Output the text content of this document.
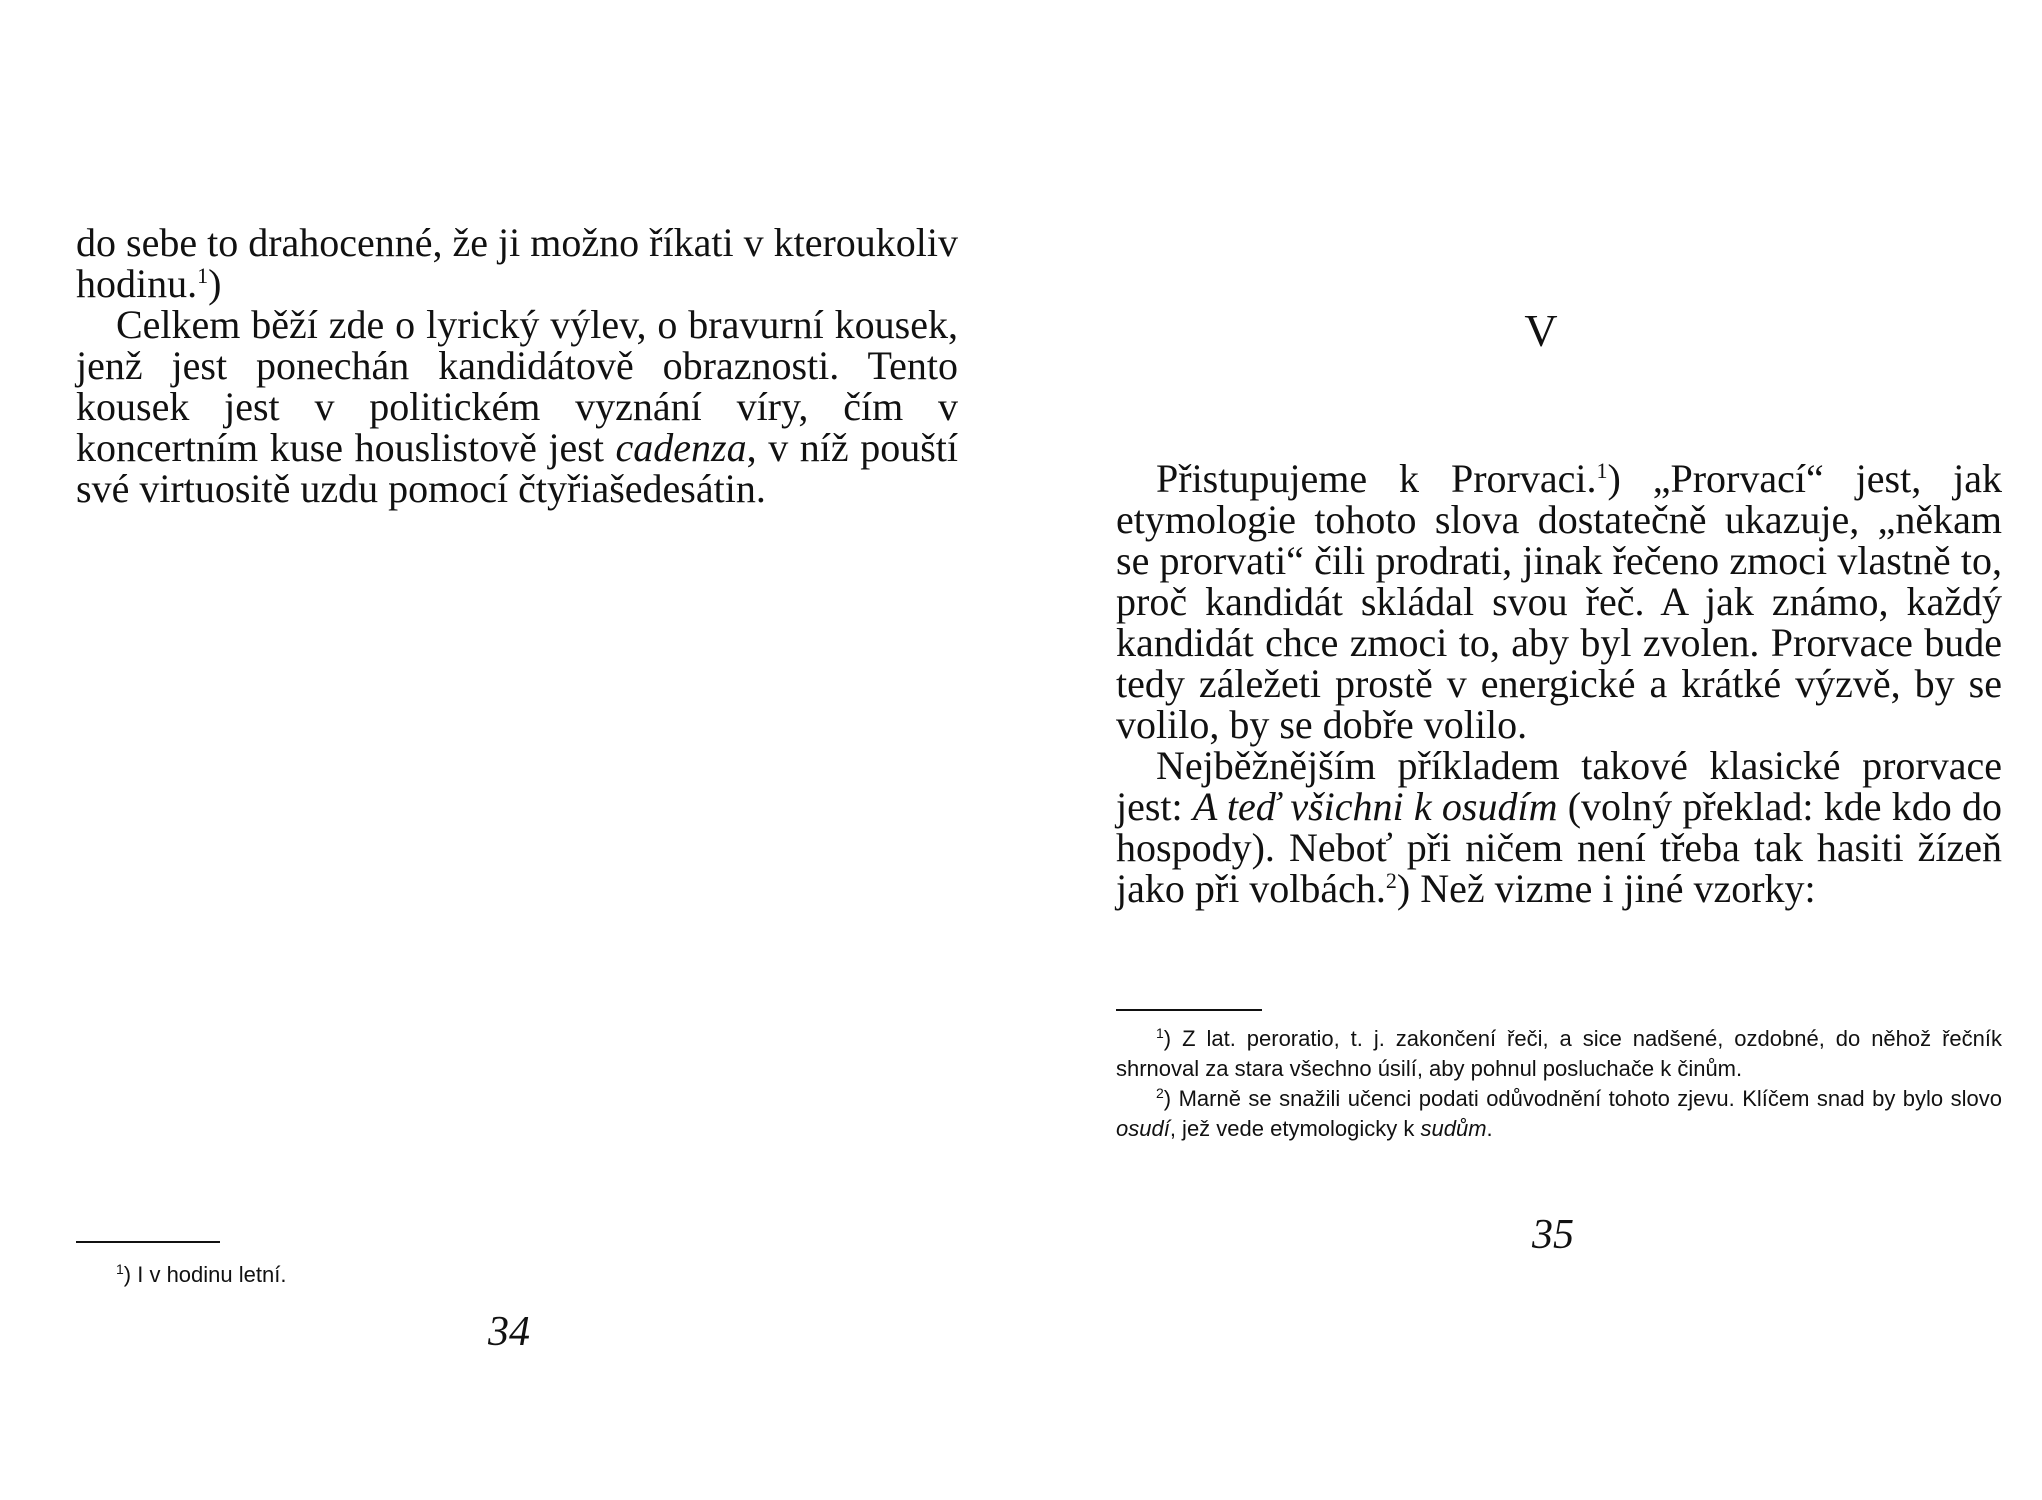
do sebe to drahocenné, že ji možno říkati v kteroukoliv hodinu.$^1$)

Celkem běží zde o lyrický výlev, o bravurní kousek, jenž jest ponechán kandidátově obraznosti. Tento kousek jest v politickém vyznání víry, čím v koncertním kuse houslistově jest cadenza, v níž pouští své virtuositě uzdu pomocí čtyřiašedesátin.

$^1$) I v hodinu letní.

34
V

Přistupujeme k Prorvaci.$^1$) „Prorvací“ jest, jak etymologie tohoto slova dostatečně ukazuje, „někam se prorvati“ čili prodrati, jinak řečeno zmoci vlastně to, proč kandidát skládal svou řeč. A jak známo, každý kandidát chce zmoci to, aby byl zvolen. Prorvace bude tedy záležeti prostě v energické a krátké výzvě, by se volilo, by se dobře volilo.

Nejběžnějším příkladem takové klasické prorvace jest: A teď všichni k osudím (volný překlad: kde kdo do hospody). Neboť při ničem není třeba tak hasiti žízeň jako při volbách.$^2$) Než vizme i jiné vzorky:

$^1$) Z lat. peroratio, t. j. zakončení řeči, a sice nadšené, ozdobné, do něhož řečník shrnoval za stara všechno úsilí, aby pohnul posluchače k činům.

$^2$) Marně se snažili učenci podati odůvodnění tohoto zjevu. Klíčem snad by bylo slovo osudí, jež vede etymologicky k sudům.

35
